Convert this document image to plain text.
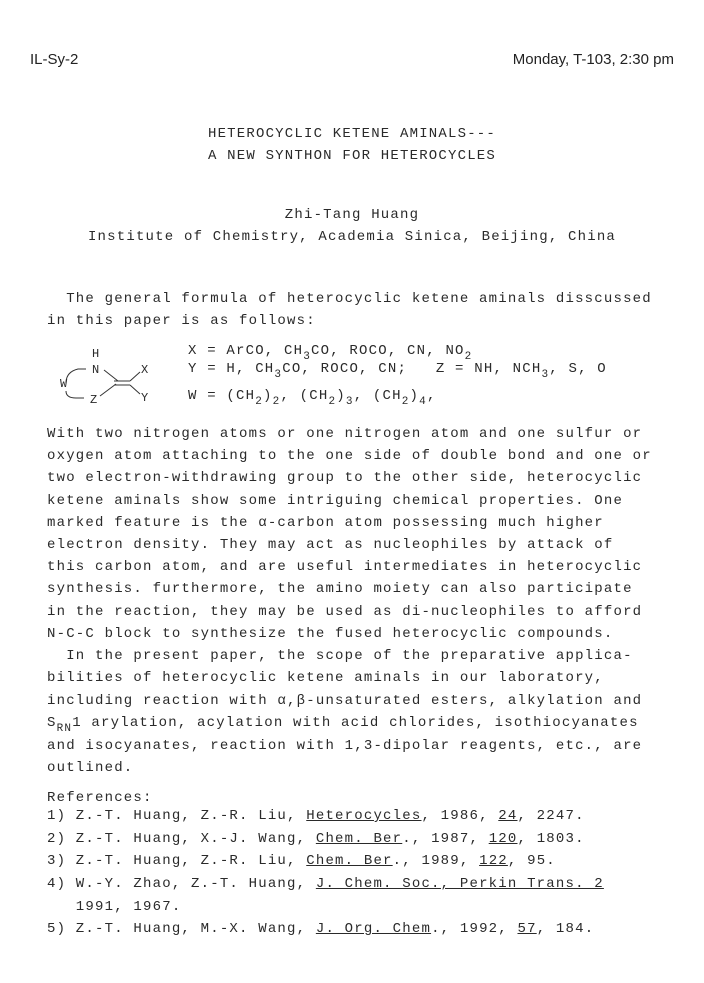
IL-Sy-2	Monday, T-103, 2:30 pm
HETEROCYCLIC KETENE AMINALS---
A NEW SYNTHON FOR HETEROCYCLES
Zhi-Tang Huang
Institute of Chemistry, Academia Sinica, Beijing, China
The general formula of heterocyclic ketene aminals disscussed
in this paper is as follows:
H
N
W
Z
X
Y
X = ArCO, $CH_3CO$, ROCO, CN, $NO_2$
Y = H, $CH_3CO$, ROCO, CN;   Z = NH, $NCH_3$, S, O
$W = (CH_2)_2$, $(CH_2)_3$, $(CH_2)_4$,
With two nitrogen atoms or one nitrogen atom and one sulfur or
oxygen atom attaching to the one side of double bond and one or
two electron-withdrawing group to the other side, heterocyclic
ketene aminals show some intriguing chemical properties. One
marked feature is the α-carbon atom possessing much higher
electron density. They may act as nucleophiles by attack of
this carbon atom, and are useful intermediates in heterocyclic
synthesis. furthermore, the amino moiety can also participate
in the reaction, they may be used as di-nucleophiles to afford
N-C-C block to synthesize the fused heterocyclic compounds.
In the present paper, the scope of the preparative applica-
bilities of heterocyclic ketene aminals in our laboratory,
including reaction with α,β-unsaturated esters, alkylation and
$S_{RN}1$ arylation, acylation with acid chlorides, isothiocyanates
and isocyanates, reaction with 1,3-dipolar reagents, etc., are
outlined.
References:
1) Z.-T. Huang, Z.-R. Liu, Heterocycles, 1986, 24, 2247.
2) Z.-T. Huang, X.-J. Wang, Chem. Ber., 1987, 120, 1803.
3) Z.-T. Huang, Z.-R. Liu, Chem. Ber., 1989, 122, 95.
4) W.-Y. Zhao, Z.-T. Huang, J. Chem. Soc., Perkin Trans. 2
1991, 1967.
5) Z.-T. Huang, M.-X. Wang, J. Org. Chem., 1992, 57, 184.
